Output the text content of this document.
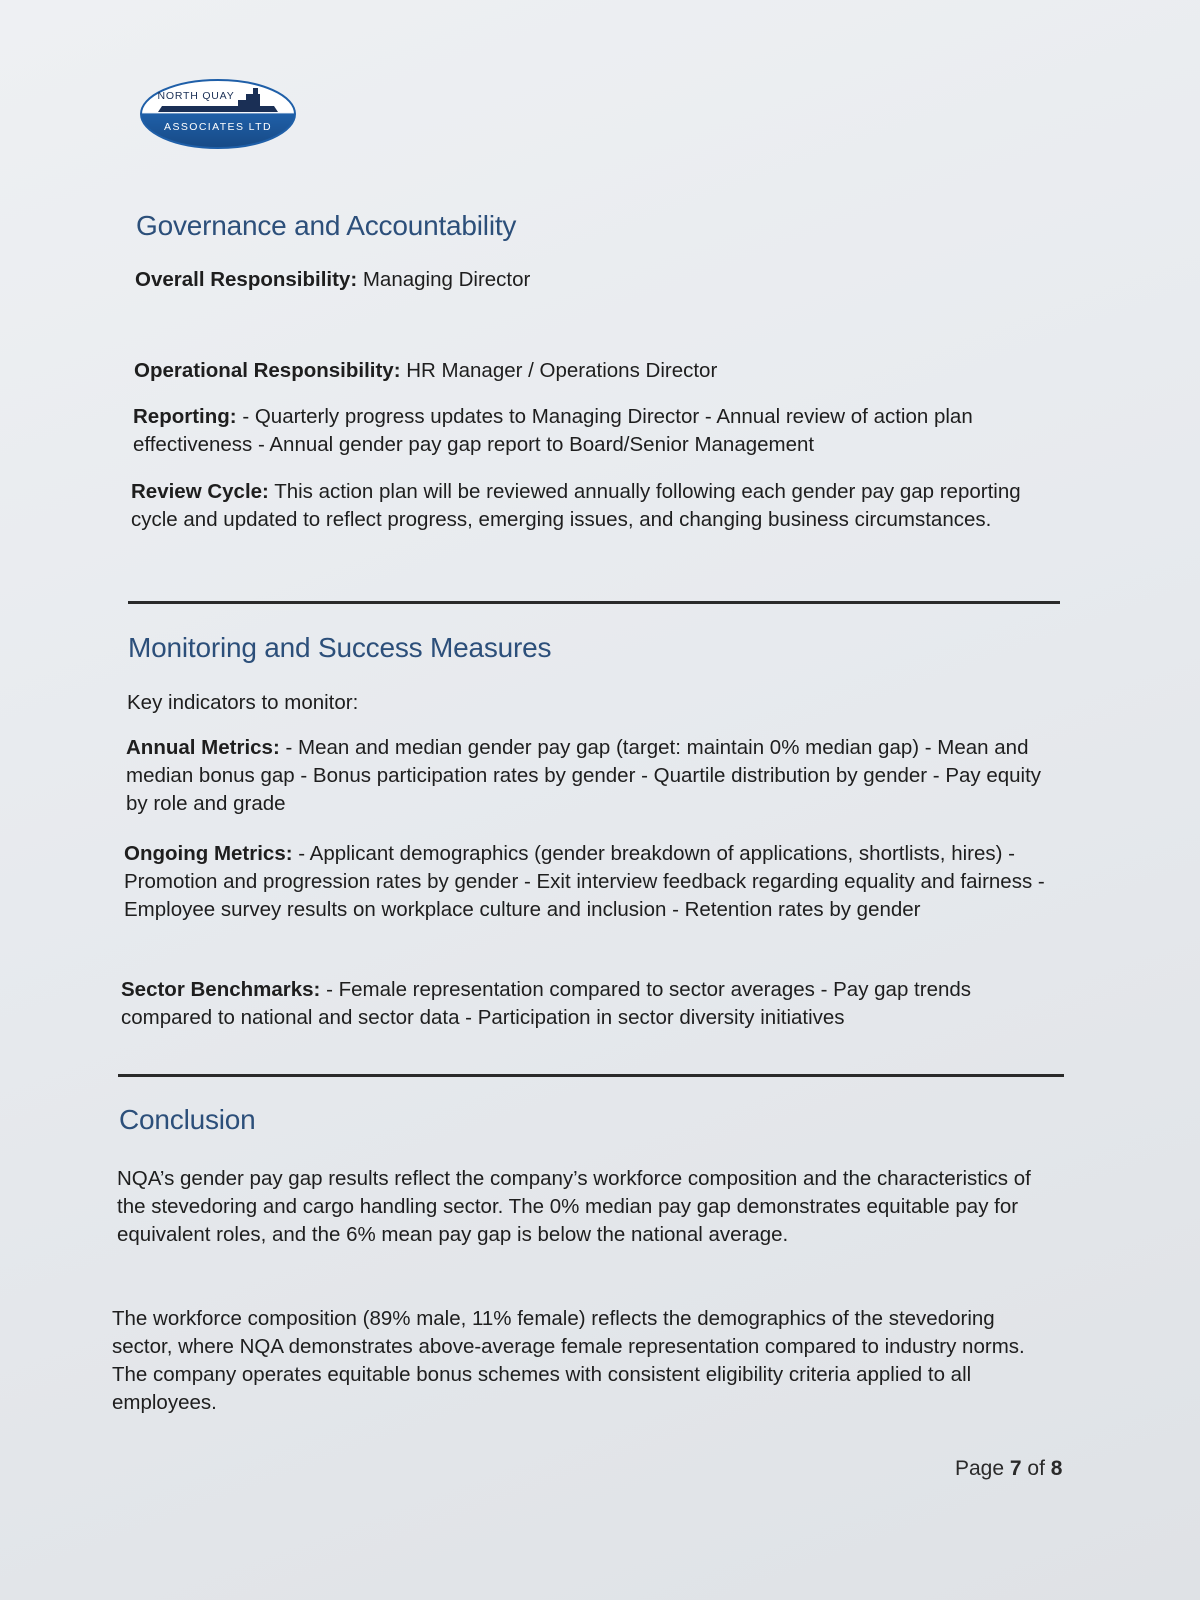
NORTH QUAY
ASSOCIATES LTD
Governance and Accountability

Overall Responsibility: Managing Director

Operational Responsibility: HR Manager / Operations Director

Reporting: - Quarterly progress updates to Managing Director - Annual review of action plan effectiveness - Annual gender pay gap report to Board/Senior Management

Review Cycle: This action plan will be reviewed annually following each gender pay gap reporting cycle and updated to reflect progress, emerging issues, and changing business circumstances.

Monitoring and Success Measures

Key indicators to monitor:

Annual Metrics: - Mean and median gender pay gap (target: maintain 0% median gap) - Mean and median bonus gap - Bonus participation rates by gender - Quartile distribution by gender - Pay equity by role and grade

Ongoing Metrics: - Applicant demographics (gender breakdown of applications, shortlists, hires) - Promotion and progression rates by gender - Exit interview feedback regarding equality and fairness - Employee survey results on workplace culture and inclusion - Retention rates by gender

Sector Benchmarks: - Female representation compared to sector averages - Pay gap trends compared to national and sector data - Participation in sector diversity initiatives

Conclusion

NQA’s gender pay gap results reflect the company’s workforce composition and the characteristics of the stevedoring and cargo handling sector. The 0% median pay gap demonstrates equitable pay for equivalent roles, and the 6% mean pay gap is below the national average.

The workforce composition (89% male, 11% female) reflects the demographics of the stevedoring sector, where NQA demonstrates above-average female representation compared to industry norms. The company operates equitable bonus schemes with consistent eligibility criteria applied to all employees.

Page 7 of 8
